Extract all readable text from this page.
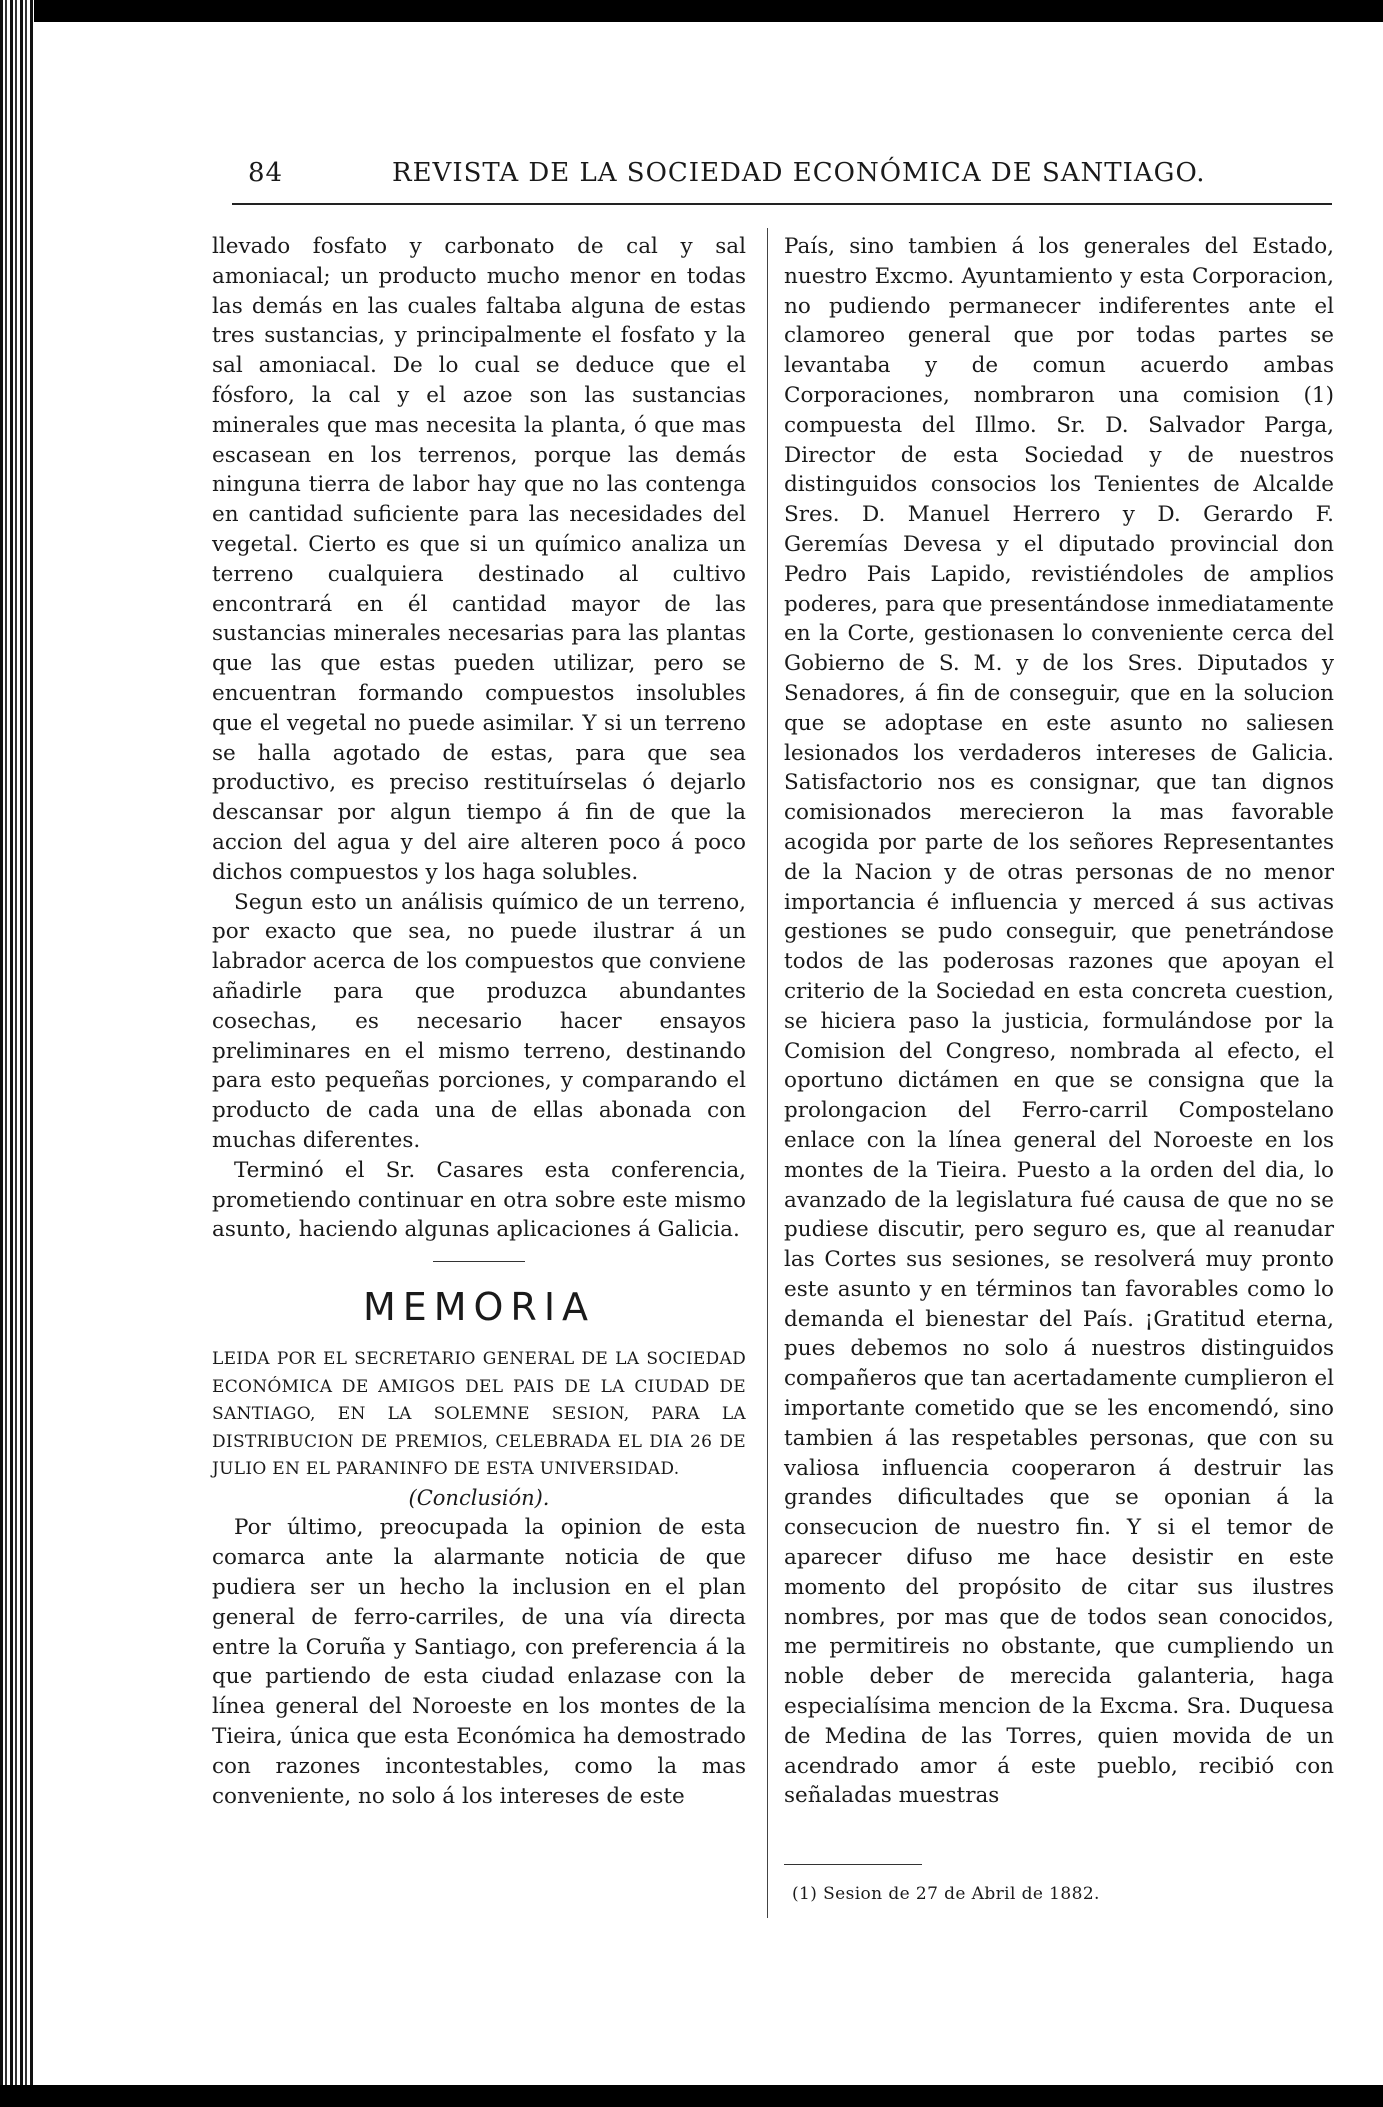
84	REVISTA DE LA SOCIEDAD ECONÓMICA DE SANTIAGO.

llevado fosfato y carbonato de cal y sal amoniacal; un producto mucho menor en todas las demás en las cuales faltaba alguna de estas tres sustancias, y principalmente el fosfato y la sal amoniacal. De lo cual se deduce que el fósforo, la cal y el azoe son las sustancias minerales que mas necesita la planta, ó que mas escasean en los terrenos, porque las demás ninguna tierra de labor hay que no las contenga en cantidad suficiente para las necesidades del vegetal. Cierto es que si un químico analiza un terreno cualquiera destinado al cultivo encontrará en él cantidad mayor de las sustancias minerales necesarias para las plantas que las que estas pueden utilizar, pero se encuentran formando compuestos insolubles que el vegetal no puede asimilar. Y si un terreno se halla agotado de estas, para que sea productivo, es preciso restituírselas ó dejarlo descansar por algun tiempo á fin de que la accion del agua y del aire alteren poco á poco dichos compuestos y los haga solubles.

Segun esto un análisis químico de un terreno, por exacto que sea, no puede ilustrar á un labrador acerca de los compuestos que conviene añadirle para que produzca abundantes cosechas, es necesario hacer ensayos preliminares en el mismo terreno, destinando para esto pequeñas porciones, y comparando el producto de cada una de ellas abonada con muchas diferentes.

Terminó el Sr. Casares esta conferencia, prometiendo continuar en otra sobre este mismo asunto, haciendo algunas aplicaciones á Galicia.

MEMORIA

LEIDA POR EL SECRETARIO GENERAL DE LA SOCIEDAD ECONÓMICA DE AMIGOS DEL PAIS DE LA CIUDAD DE SANTIAGO, EN LA SOLEMNE SESION, PARA LA DISTRIBUCION DE PREMIOS, CELEBRADA EL DIA 26 DE JULIO EN EL PARANINFO DE ESTA UNIVERSIDAD.

(Conclusión).

Por último, preocupada la opinion de esta comarca ante la alarmante noticia de que pudiera ser un hecho la inclusion en el plan general de ferro-carriles, de una vía directa entre la Coruña y Santiago, con preferencia á la que partiendo de esta ciudad enlazase con la línea general del Noroeste en los montes de la Tieira, única que esta Económica ha demostrado con razones incontestables, como la mas conveniente, no solo á los intereses de este

País, sino tambien á los generales del Estado, nuestro Excmo. Ayuntamiento y esta Corporacion, no pudiendo permanecer indiferentes ante el clamoreo general que por todas partes se levantaba y de comun acuerdo ambas Corporaciones, nombraron una comision (1) compuesta del Illmo. Sr. D. Salvador Parga, Director de esta Sociedad y de nuestros distinguidos consocios los Tenientes de Alcalde Sres. D. Manuel Herrero y D. Gerardo F. Geremías Devesa y el diputado provincial don Pedro Pais Lapido, revistiéndoles de amplios poderes, para que presentándose inmediatamente en la Corte, gestionasen lo conveniente cerca del Gobierno de S. M. y de los Sres. Diputados y Senadores, á fin de conseguir, que en la solucion que se adoptase en este asunto no saliesen lesionados los verdaderos intereses de Galicia. Satisfactorio nos es consignar, que tan dignos comisionados merecieron la mas favorable acogida por parte de los señores Representantes de la Nacion y de otras personas de no menor importancia é influencia y merced á sus activas gestiones se pudo conseguir, que penetrándose todos de las poderosas razones que apoyan el criterio de la Sociedad en esta concreta cuestion, se hiciera paso la justicia, formulándose por la Comision del Congreso, nombrada al efecto, el oportuno dictámen en que se consigna que la prolongacion del Ferro-carril Compostelano enlace con la línea general del Noroeste en los montes de la Tieira. Puesto a la orden del dia, lo avanzado de la legislatura fué causa de que no se pudiese discutir, pero seguro es, que al reanudar las Cortes sus sesiones, se resolverá muy pronto este asunto y en términos tan favorables como lo demanda el bienestar del País. ¡Gratitud eterna, pues debemos no solo á nuestros distinguidos compañeros que tan acertadamente cumplieron el importante cometido que se les encomendó, sino tambien á las respetables personas, que con su valiosa influencia cooperaron á destruir las grandes dificultades que se oponian á la consecucion de nuestro fin. Y si el temor de aparecer difuso me hace desistir en este momento del propósito de citar sus ilustres nombres, por mas que de todos sean conocidos, me permitireis no obstante, que cumpliendo un noble deber de merecida galanteria, haga especialísima mencion de la Excma. Sra. Duquesa de Medina de las Torres, quien movida de un acendrado amor á este pueblo, recibió con señaladas muestras

(1) Sesion de 27 de Abril de 1882.
